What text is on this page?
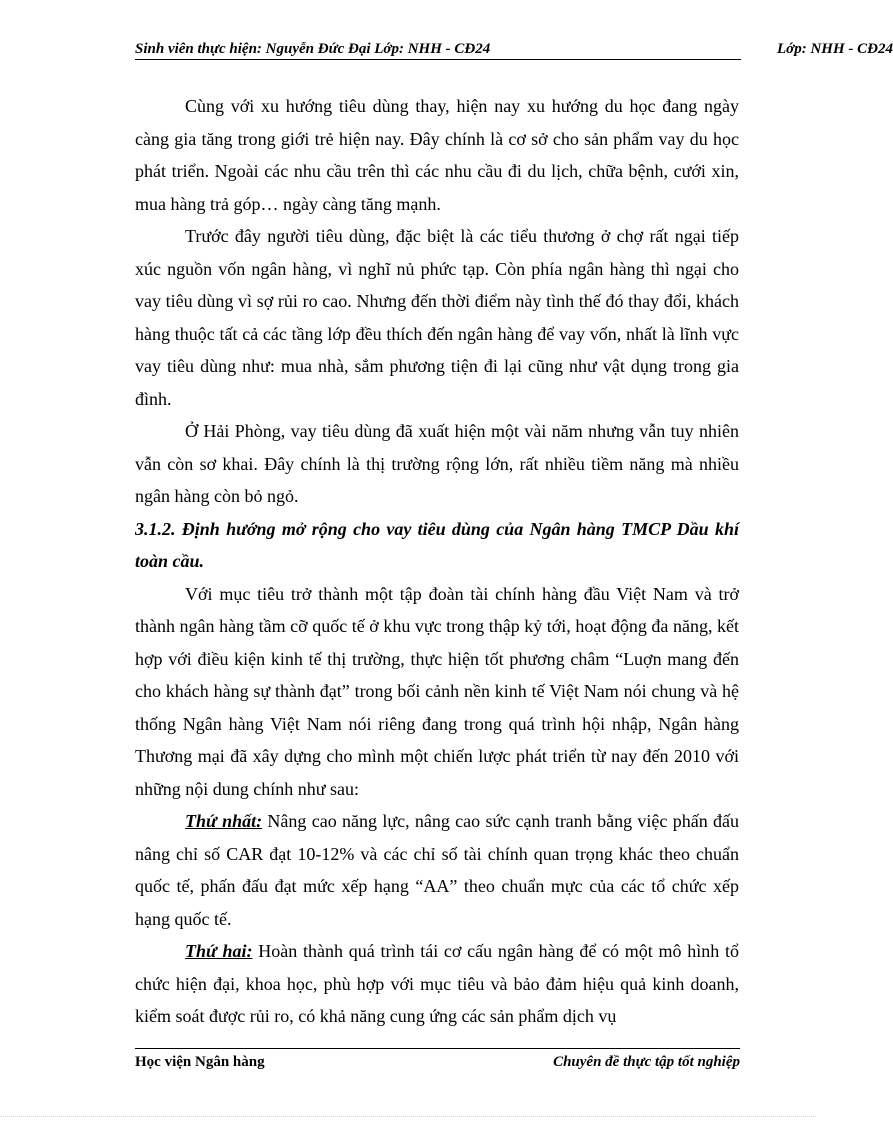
Sinh viên thực hiện: Nguyễn Đức Đại Lớp: NHH - CĐ24	Lớp: NHH - CĐ24

Cùng với xu hướng tiêu dùng thay, hiện nay xu hướng du học đang ngày càng gia tăng trong giới trẻ hiện nay. Đây chính là cơ sở cho sản phẩm vay du học phát triển. Ngoài các nhu cầu trên thì các nhu cầu đi du lịch, chữa bệnh, cưới xin, mua hàng trả góp… ngày càng tăng mạnh.

Trước đây người tiêu dùng, đặc biệt là các tiểu thương ở chợ rất ngại tiếp xúc nguồn vốn ngân hàng, vì nghĩ nủ phức tạp. Còn phía ngân hàng thì ngại cho vay tiêu dùng vì sợ rủi ro cao. Nhưng đến thời điểm này tình thế đó thay đổi, khách hàng thuộc tất cả các tầng lớp đều thích đến ngân hàng để vay vốn, nhất là lĩnh vực vay tiêu dùng như: mua nhà, sắm phương tiện đi lại cũng như vật dụng trong gia đình.

Ở Hải Phòng, vay tiêu dùng đã xuất hiện một vài năm nhưng vẫn tuy nhiên vẫn còn sơ khai. Đây chính là thị trường rộng lớn, rất nhiều tiềm năng mà nhiều ngân hàng còn bỏ ngỏ.

3.1.2. Định hướng mở rộng cho vay tiêu dùng của Ngân hàng TMCP Dầu khí toàn cầu.

Với mục tiêu trở thành một tập đoàn tài chính hàng đầu Việt Nam và trở thành ngân hàng tầm cỡ quốc tế ở khu vực trong thập kỷ tới, hoạt động đa năng, kết hợp với điều kiện kinh tế thị trường, thực hiện tốt phương châm “Luợn mang đến cho khách hàng sự thành đạt” trong bối cảnh nền kinh tế Việt Nam nói chung và hệ thống Ngân hàng Việt Nam nói riêng đang trong quá trình hội nhập, Ngân hàng Thương mại đã xây dựng cho mình một chiến lược phát triển từ nay đến 2010 với những nội dung chính như sau:

Thứ nhất: Nâng cao năng lực, nâng cao sức cạnh tranh bằng việc phấn đấu nâng chỉ số CAR đạt 10-12% và các chỉ số tài chính quan trọng khác theo chuẩn quốc tế, phấn đấu đạt mức xếp hạng “AA” theo chuẩn mực của các tổ chức xếp hạng quốc tế.

Thứ hai: Hoàn thành quá trình tái cơ cấu ngân hàng để có một mô hình tổ chức hiện đại, khoa học, phù hợp với mục tiêu và bảo đảm hiệu quả kinh doanh, kiểm soát được rủi ro, có khả năng cung ứng các sản phẩm dịch vụ

Học viện Ngân hàng	Chuyên đề thực tập tốt nghiệp
